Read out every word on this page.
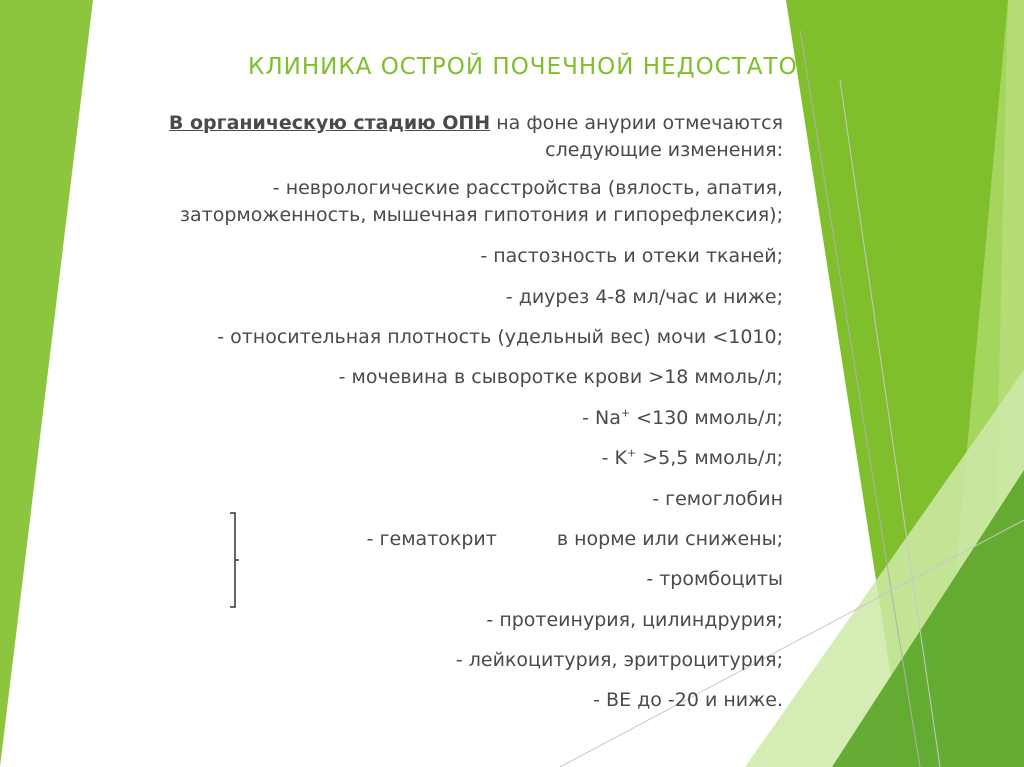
КЛИНИКА ОСТРОЙ ПОЧЕЧНОЙ НЕДОСТАТОЧНОСТИ
В органическую стадию ОПН на фоне анурии отмечаются
следующие изменения:
- неврологические расстройства (вялость, апатия,
заторможенность, мышечная гипотония и гипорефлексия);
- пастозность и отеки тканей;
- диурез 4-8 мл/час и ниже;
- относительная плотность (удельный вес) мочи <1010;
- мочевина в сыворотке крови >18 ммоль/л;
- Na+ <130 ммоль/л;
- K+ >5,5 ммоль/л;
- гемоглобин
- гематокрит	в норме или снижены;
- тромбоциты
- протеинурия, цилиндрурия;
- лейкоцитурия, эритроцитурия;
- BE до -20 и ниже.
